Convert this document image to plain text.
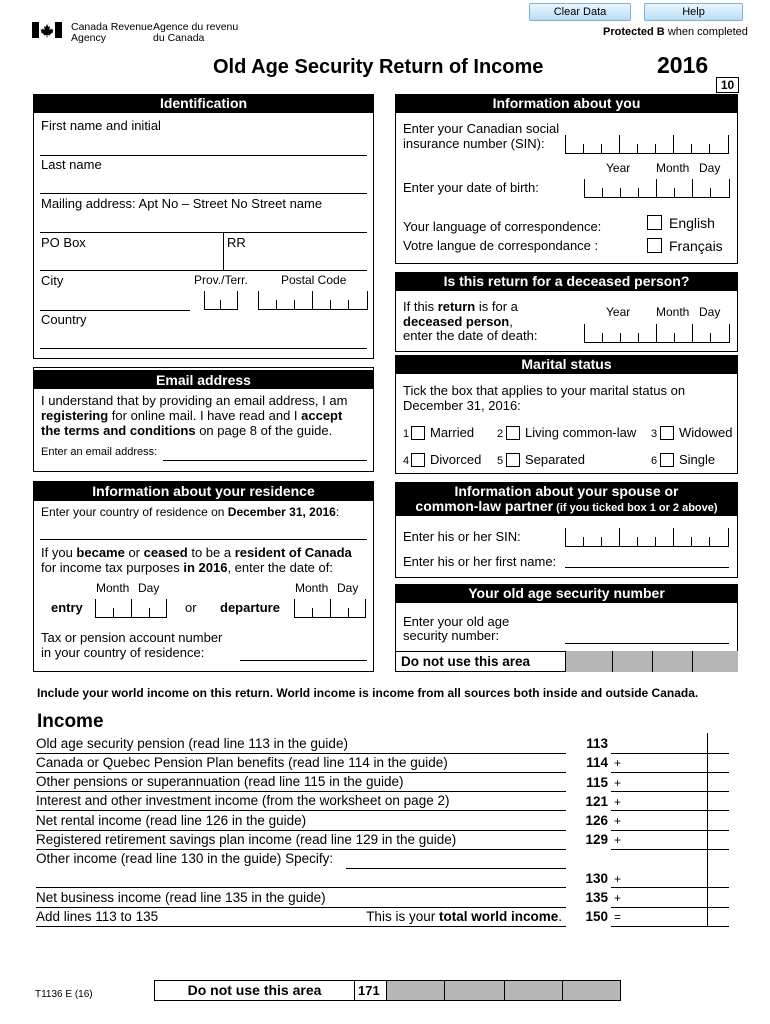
Clear Data	Help
Canada Revenue
Agency
Agence du revenu
du Canada	Protected B when completed
Old Age Security Return of Income	2016
10
Identification
First name and initial
Last name
Mailing address: Apt No – Street No Street name
PO Box	RR
City	Prov./Terr.	Postal Code
Country
Email address
I understand that by providing an email address, I am
registering for online mail. I have read and I accept
the terms and conditions on page 8 of the guide.
Enter an email address:
Information about your residence
Enter your country of residence on December 31, 2016:
If you became or ceased to be a resident of Canada
for income tax purposes in 2016, enter the date of:
Month Day	Month Day
entry	or departure
Tax or pension account number
in your country of residence:
Information about you
Enter your Canadian social
insurance number (SIN):
Year Month Day
Enter your date of birth:
Your language of correspondence:
Votre langue de correspondance :
English
Français
Is this return for a deceased person?
If this return is for a
deceased person,
enter the date of death:
Year Month Day
Marital status
Tick the box that applies to your marital status on
December 31, 2016:
1 Married 2 Living common-law 3 Widowed
4 Divorced 5 Separated	6 Single
Information about your spouse or
common-law partner (if you ticked box 1 or 2 above)
Enter his or her SIN:
Enter his or her first name:
Your old age security number
Enter your old age
security number:
Do not use this area
Include your world income on this return. World income is income from all sources both inside and outside Canada.
Income
Old age security pension (read line 113 in the guide)	113
Canada or Quebec Pension Plan benefits (read line 114 in the guide)	114 +
Other pensions or superannuation (read line 115 in the guide)	115 +
Interest and other investment income (from the worksheet on page 2)	121 +
Net rental income (read line 126 in the guide)	126 +
Registered retirement savings plan income (read line 129 in the guide)	129 +
Other income (read line 130 in the guide) Specify:
130 +
Net business income (read line 135 in the guide)	135 +
Add lines 113 to 135	This is your total world income.	150 =
T1136 E (16)	Do not use this area	171
